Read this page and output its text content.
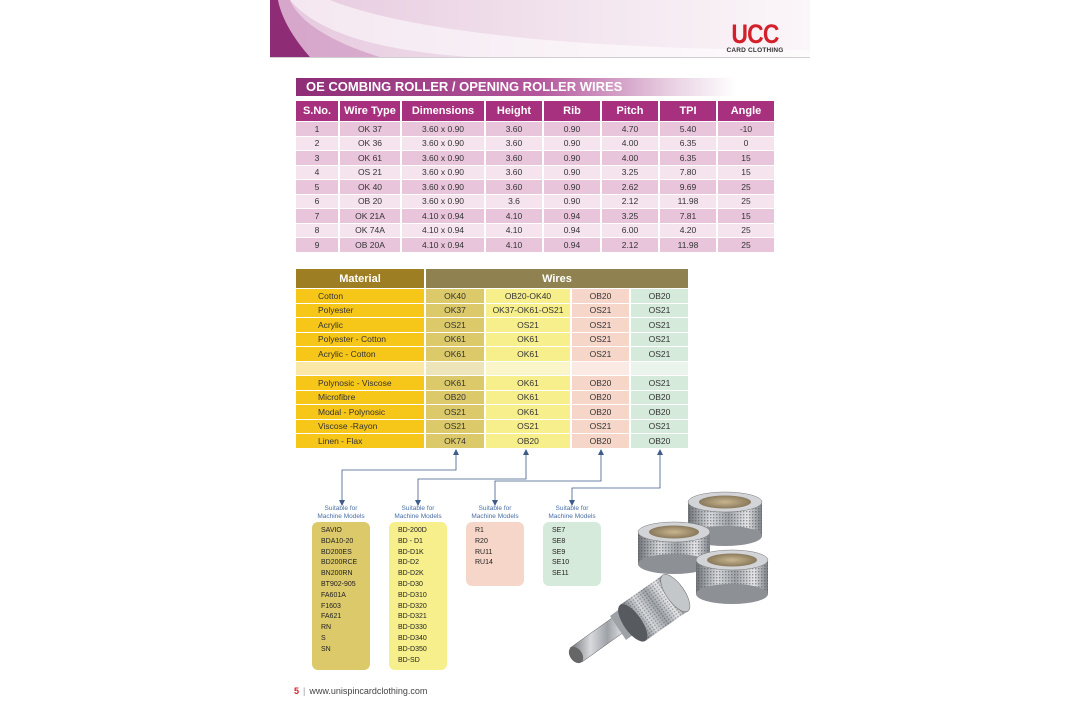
UCC
CARD CLOTHING
OE COMBING ROLLER / OPENING ROLLER WIRES
S.No.	Wire Type	Dimensions	Height	Rib	Pitch	TPI	Angle
1	OK 37	3.60 x 0.90	3.60	0.90	4.70	5.40	-10
2	OK 36	3.60 x 0.90	3.60	0.90	4.00	6.35	0
3	OK 61	3.60 x 0.90	3.60	0.90	4.00	6.35	15
4	OS 21	3.60 x 0.90	3.60	0.90	3.25	7.80	15
5	OK 40	3.60 x 0.90	3.60	0.90	2.62	9.69	25
6	OB 20	3.60 x 0.90	3.6	0.90	2.12	11.98	25
7	OK 21A	4.10 x 0.94	4.10	0.94	3.25	7.81	15
8	OK 74A	4.10 x 0.94	4.10	0.94	6.00	4.20	25
9	OB 20A	4.10 x 0.94	4.10	0.94	2.12	11.98	25
Material	Wires			
Cotton	OK40	OB20-OK40	OB20	OB20
Polyester	OK37	OK37-OK61-OS21	OS21	OS21
Acrylic	OS21	OS21	OS21	OS21
Polyester - Cotton	OK61	OK61	OS21	OS21
Acrylic - Cotton	OK61	OK61	OS21	OS21

Polynosic - Viscose	OK61	OK61	OB20	OS21
Microfibre	OB20	OK61	OB20	OB20
Modal - Polynosic	OS21	OK61	OB20	OB20
Viscose -Rayon	OS21	OS21	OS21	OS21
Linen - Flax	OK74	OB20	OB20	OB20
Suitable for
Machine Models
SAVIO
BDA10-20
BD200ES
BD200RCE
BN200RN
BT902-905
FA601A
F1603
FA621
RN
S
SN
Suitable for
Machine Models
BD-200D
BD - D1
BD-D1K
BD-D2
BD-D2K
BD-D30
BD-D310
BD-D320
BD-D321
BD-D330
BD-D340
BD-D350
BD-SD
Suitable for
Machine Models
R1
R20
RU11
RU14
Suitable for
Machine Models
SE7
SE8
SE9
SE10
SE11
5 | www.unispincardclothing.com
